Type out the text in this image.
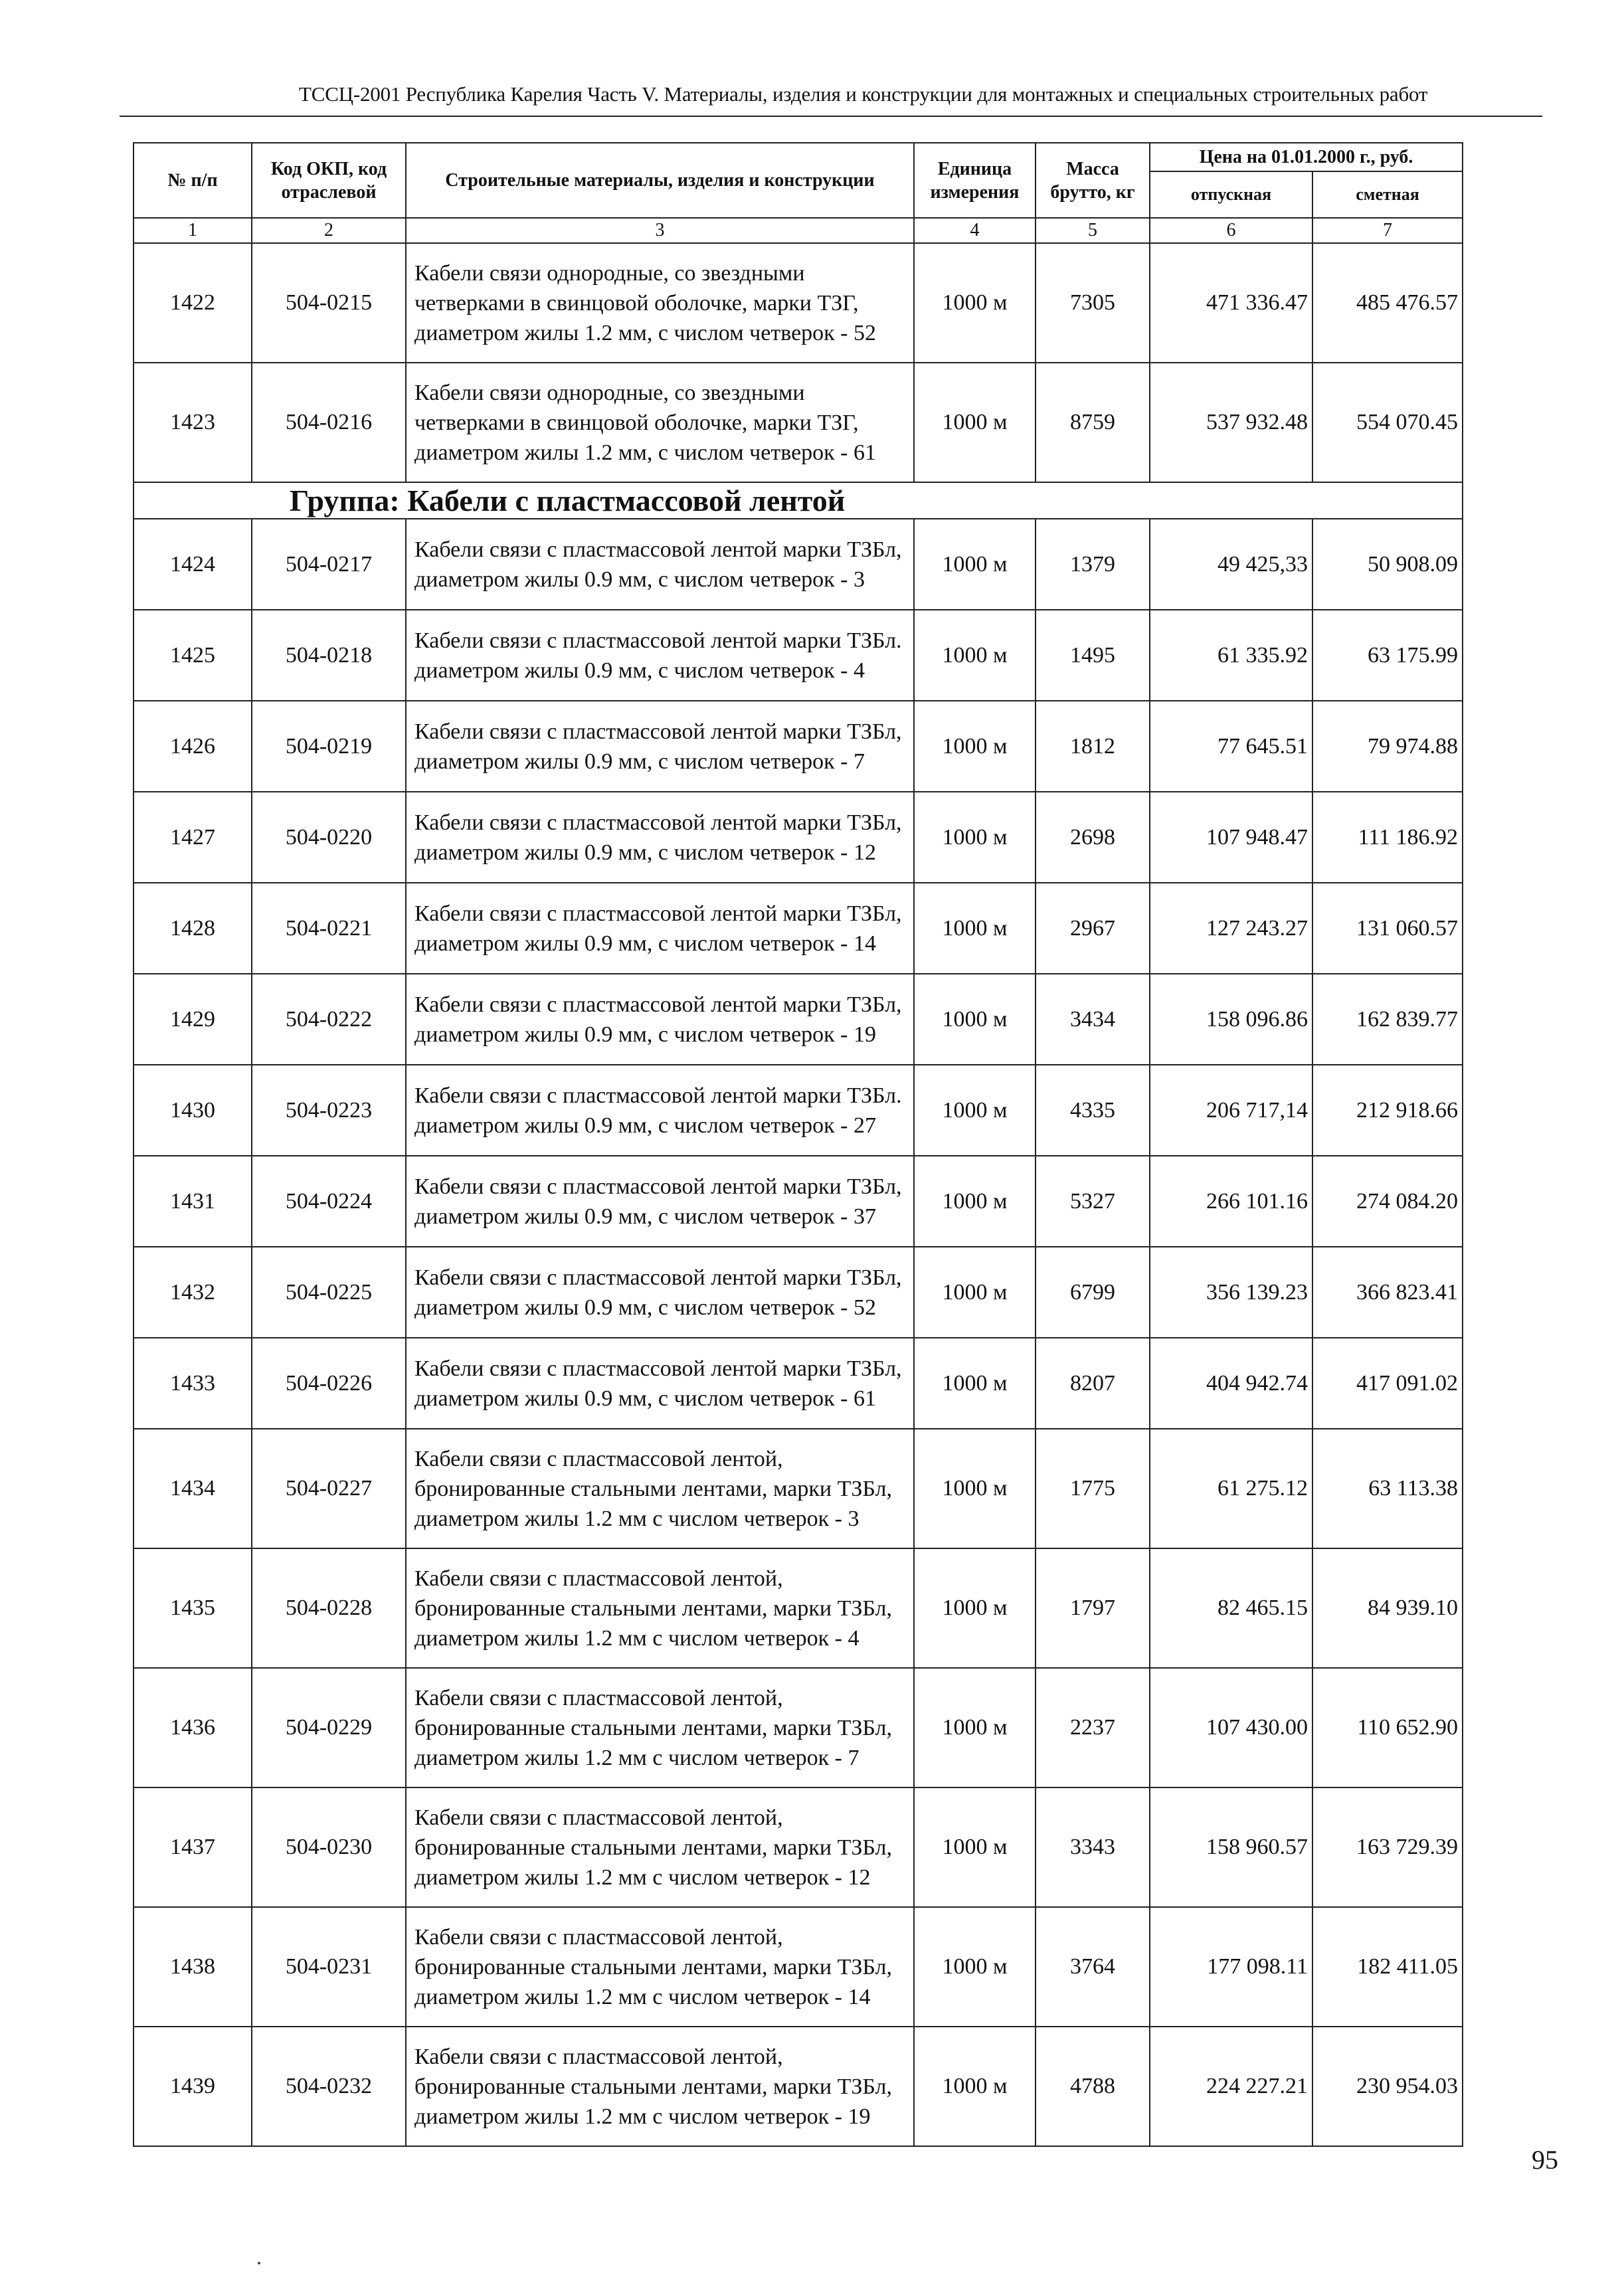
ТССЦ-2001 Республика Карелия Часть V. Материалы, изделия и конструкции для монтажных и специальных строительных работ
№ п/п	Код ОКП, код отраслевой	Строительные материалы, изделия и конструкции	Единица измерения	Масса брутто, кг	Цена на 01.01.2000 г., руб.	
					отпускная	сметная
1	2	3	4	5	6	7
1422	504-0215	Кабели связи однородные, со звездными четверками в свинцовой оболочке, марки ТЗГ, диаметром жилы 1.2 мм, с числом четверок - 52	1000 м	7305	471 336.47	485 476.57
1423	504-0216	Кабели связи однородные, со звездными четверками в свинцовой оболочке, марки ТЗГ, диаметром жилы 1.2 мм, с числом четверок - 61	1000 м	8759	537 932.48	554 070.45
Группа: Кабели с пластмассовой лентой						
1424	504-0217	Кабели связи с пластмассовой лентой марки ТЗБл, диаметром жилы 0.9 мм, с числом четверок - 3	1000 м	1379	49 425,33	50 908.09
1425	504-0218	Кабели связи с пластмассовой лентой марки ТЗБл. диаметром жилы 0.9 мм, с числом четверок - 4	1000 м	1495	61 335.92	63 175.99
1426	504-0219	Кабели связи с пластмассовой лентой марки ТЗБл, диаметром жилы 0.9 мм, с числом четверок - 7	1000 м	1812	77 645.51	79 974.88
1427	504-0220	Кабели связи с пластмассовой лентой марки ТЗБл, диаметром жилы 0.9 мм, с числом четверок - 12	1000 м	2698	107 948.47	111 186.92
1428	504-0221	Кабели связи с пластмассовой лентой марки ТЗБл, диаметром жилы 0.9 мм, с числом четверок - 14	1000 м	2967	127 243.27	131 060.57
1429	504-0222	Кабели связи с пластмассовой лентой марки ТЗБл, диаметром жилы 0.9 мм, с числом четверок - 19	1000 м	3434	158 096.86	162 839.77
1430	504-0223	Кабели связи с пластмассовой лентой марки ТЗБл. диаметром жилы 0.9 мм, с числом четверок - 27	1000 м	4335	206 717,14	212 918.66
1431	504-0224	Кабели связи с пластмассовой лентой марки ТЗБл, диаметром жилы 0.9 мм, с числом четверок - 37	1000 м	5327	266 101.16	274 084.20
1432	504-0225	Кабели связи с пластмассовой лентой марки ТЗБл, диаметром жилы 0.9 мм, с числом четверок - 52	1000 м	6799	356 139.23	366 823.41
1433	504-0226	Кабели связи с пластмассовой лентой марки ТЗБл, диаметром жилы 0.9 мм, с числом четверок - 61	1000 м	8207	404 942.74	417 091.02
1434	504-0227	Кабели связи с пластмассовой лентой, бронированные стальными лентами, марки ТЗБл, диаметром жилы 1.2 мм с числом четверок - 3	1000 м	1775	61 275.12	63 113.38
1435	504-0228	Кабели связи с пластмассовой лентой, бронированные стальными лентами, марки ТЗБл, диаметром жилы 1.2 мм с числом четверок - 4	1000 м	1797	82 465.15	84 939.10
1436	504-0229	Кабели связи с пластмассовой лентой, бронированные стальными лентами, марки ТЗБл, диаметром жилы 1.2 мм с числом четверок - 7	1000 м	2237	107 430.00	110 652.90
1437	504-0230	Кабели связи с пластмассовой лентой, бронированные стальными лентами, марки ТЗБл, диаметром жилы 1.2 мм с числом четверок - 12	1000 м	3343	158 960.57	163 729.39
1438	504-0231	Кабели связи с пластмассовой лентой, бронированные стальными лентами, марки ТЗБл, диаметром жилы 1.2 мм с числом четверок - 14	1000 м	3764	177 098.11	182 411.05
1439	504-0232	Кабели связи с пластмассовой лентой, бронированные стальными лентами, марки ТЗБл, диаметром жилы 1.2 мм с числом четверок - 19	1000 м	4788	224 227.21	230 954.03
95
